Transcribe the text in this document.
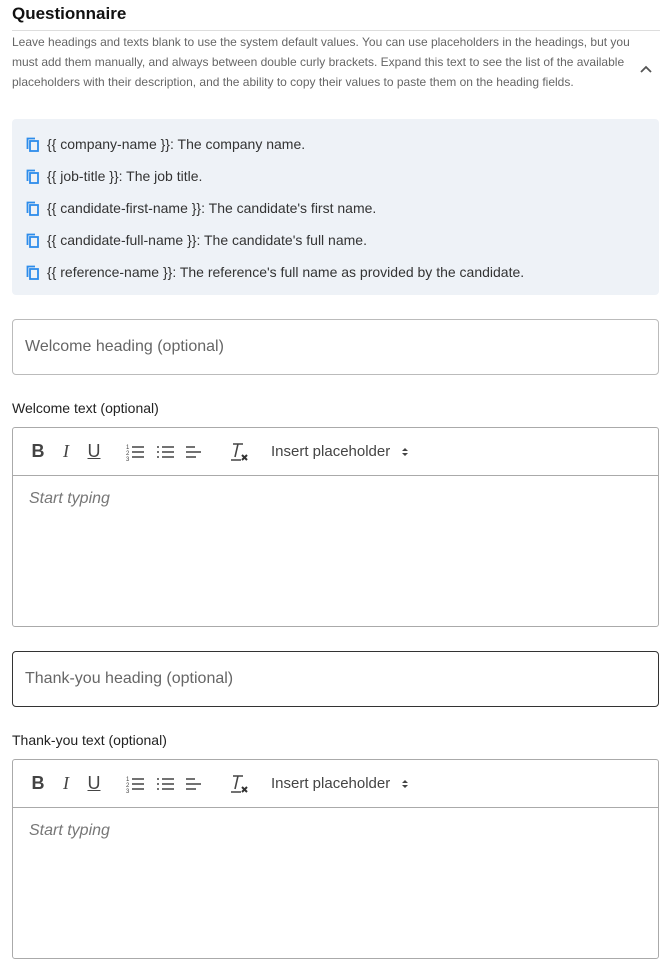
Questionnaire
Leave headings and texts blank to use the system default values. You can use placeholders in the headings, but you must add them manually, and always between double curly brackets. Expand this text to see the list of the available placeholders with their description, and the ability to copy their values to paste them on the heading fields.
{{ company-name }} : The company name.
{{ job-title }} : The job title.
{{ candidate-first-name }} : The candidate's first name.
{{ candidate-full-name }} : The candidate's full name.
{{ reference-name }} : The reference's full name as provided by the candidate.
Welcome heading (optional)
Welcome text (optional)
B	I	U	1
2
3	Insert placeholder
Start typing
Thank-you heading (optional)
Thank-you text (optional)
B	I	U	1
2
3	Insert placeholder
Start typing
